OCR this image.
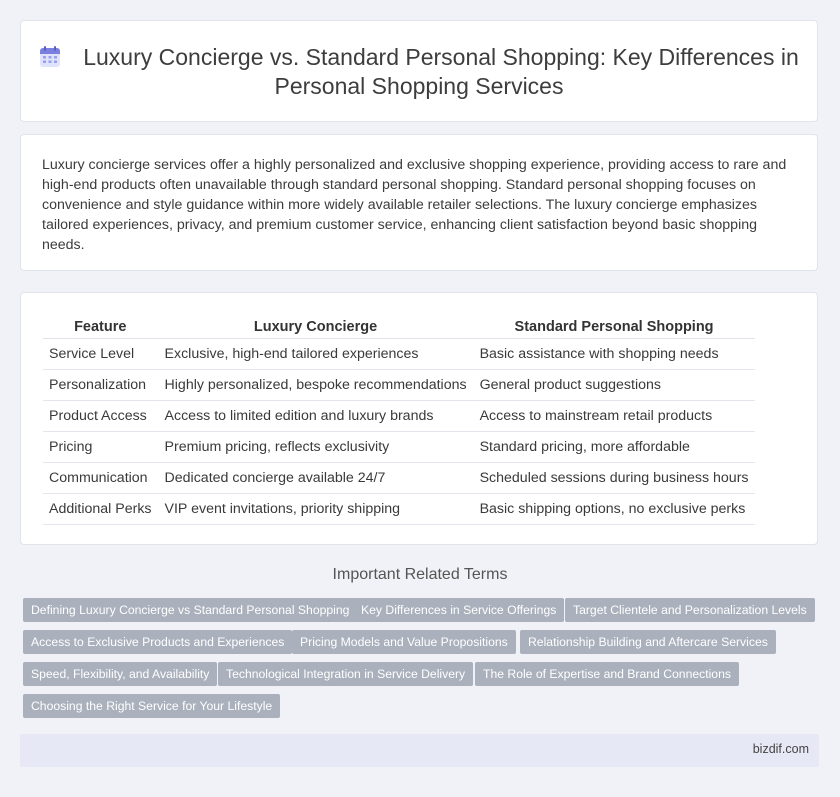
Luxury Concierge vs. Standard Personal Shopping: Key Differences in Personal Shopping Services

Luxury concierge services offer a highly personalized and exclusive shopping experience, providing access to rare and high-end products often unavailable through standard personal shopping. Standard personal shopping focuses on convenience and style guidance within more widely available retailer selections. The luxury concierge emphasizes tailored experiences, privacy, and premium customer service, enhancing client satisfaction beyond basic shopping needs.

Feature	Luxury Concierge	Standard Personal Shopping
Service Level	Exclusive, high-end tailored experiences	Basic assistance with shopping needs
Personalization	Highly personalized, bespoke recommendations	General product suggestions
Product Access	Access to limited edition and luxury brands	Access to mainstream retail products
Pricing	Premium pricing, reflects exclusivity	Standard pricing, more affordable
Communication	Dedicated concierge available 24/7	Scheduled sessions during business hours
Additional Perks	VIP event invitations, priority shipping	Basic shipping options, no exclusive perks
Important Related Terms
Defining Luxury Concierge vs Standard Personal Shopping Key Differences in Service Offerings	Target Clientele and Personalization Levels
Access to Exclusive Products and Experiences	Pricing Models and Value Propositions	Relationship Building and Aftercare Services
Speed, Flexibility, and Availability	Technological Integration in Service Delivery	The Role of Expertise and Brand Connections
Choosing the Right Service for Your Lifestyle
bizdif.com
